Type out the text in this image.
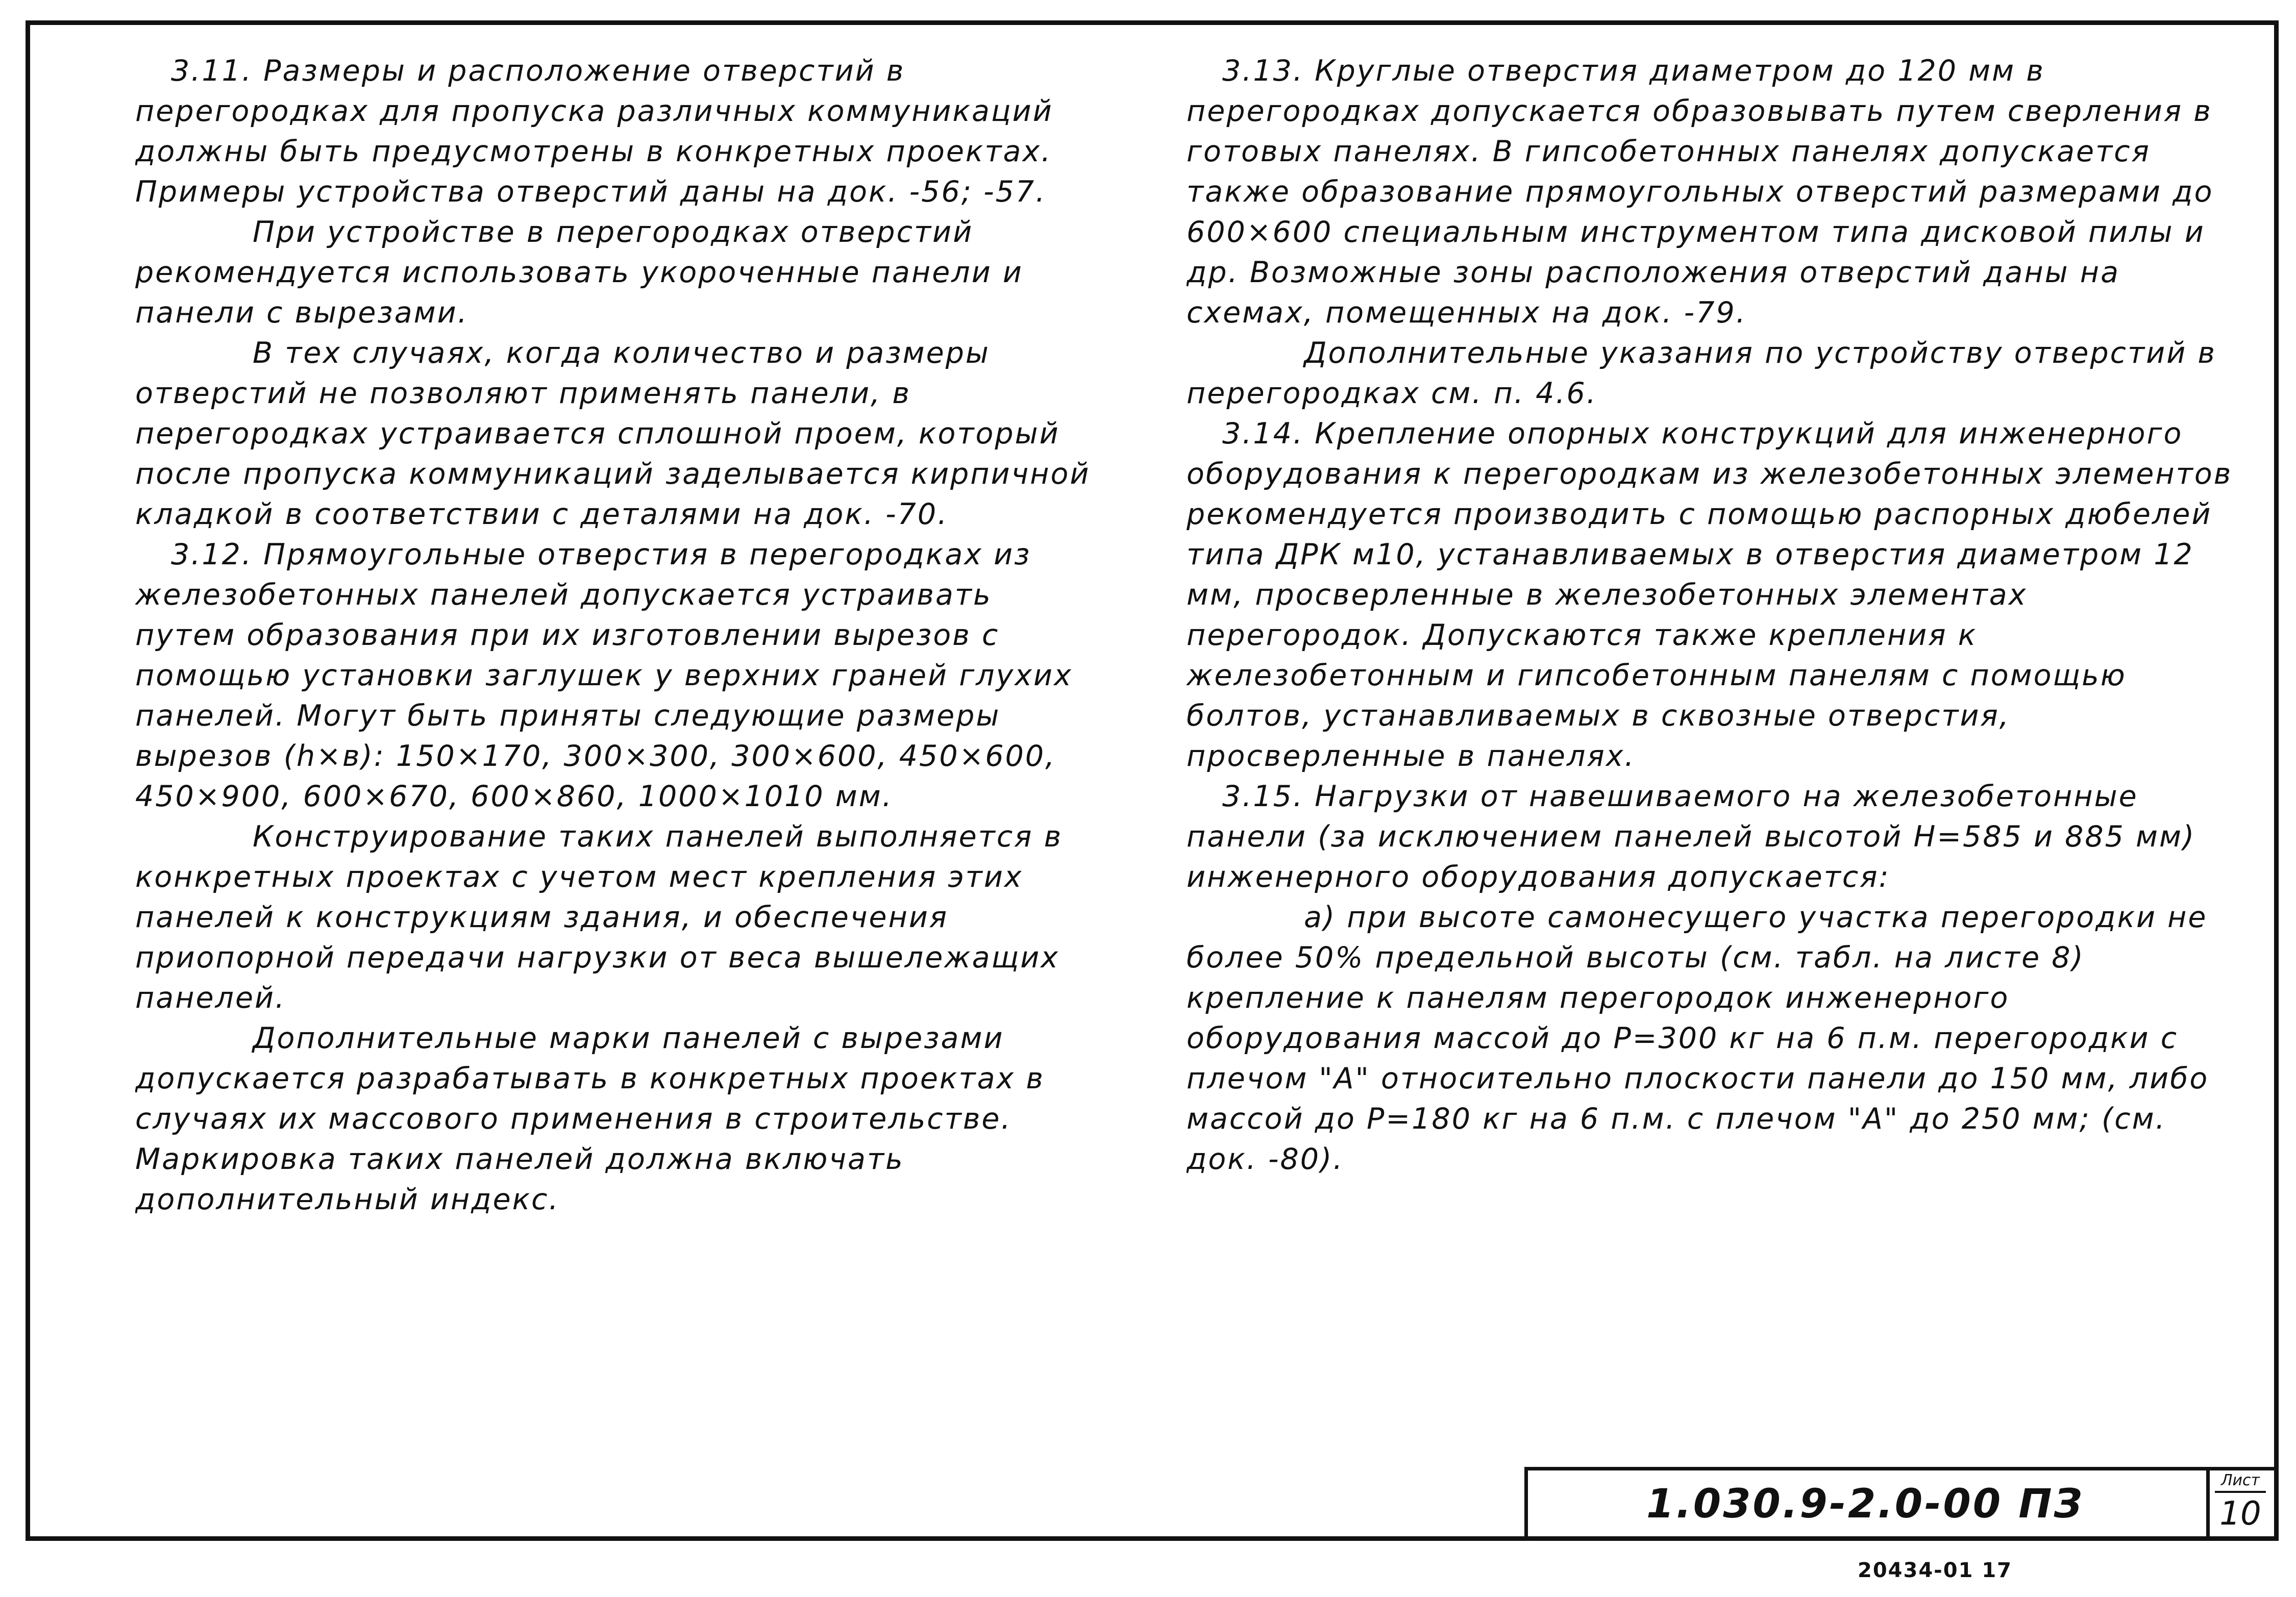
3.11. Размеры и расположение отверстий в перегородках для пропуска различных коммуникаций должны быть предусмотрены в конкретных проектах. Примеры устройства отверстий даны на док. -56; -57.

При устройстве в перегородках отверстий рекомендуется использовать укороченные панели и панели с вырезами.

В тех случаях, когда количество и размеры отверстий не позволяют применять панели, в перегородках устраивается сплошной проем, который после пропуска коммуникаций заделывается кирпичной кладкой в соответствии с деталями на док. -70.

3.12. Прямоугольные отверстия в перегородках из железобетонных панелей допускается устраивать путем образования при их изготовлении вырезов с помощью установки заглушек у верхних граней глухих панелей. Могут быть приняты следующие размеры вырезов (h×в): 150×170, 300×300, 300×600, 450×600, 450×900, 600×670, 600×860, 1000×1010 мм.

Конструирование таких панелей выполняется в конкретных проектах с учетом мест крепления этих панелей к конструкциям здания, и обеспечения приопорной передачи нагрузки от веса вышележащих панелей.

Дополнительные марки панелей с вырезами допускается разрабатывать в конкретных проектах в случаях их массового применения в строительстве. Маркировка таких панелей должна включать дополнительный индекс.

3.13. Круглые отверстия диаметром до 120 мм в перегородках допускается образовывать путем сверления в готовых панелях. В гипсобетонных панелях допускается также образование прямоугольных отверстий размерами до 600×600 специальным инструментом типа дисковой пилы и др. Возможные зоны расположения отверстий даны на схемах, помещенных на док. -79.

Дополнительные указания по устройству отверстий в перегородках см. п. 4.6.

3.14. Крепление опорных конструкций для инженерного оборудования к перегородкам из железобетонных элементов рекомендуется производить с помощью распорных дюбелей типа ДРК м10, устанавливаемых в отверстия диаметром 12 мм, просверленные в железобетонных элементах перегородок. Допускаются также крепления к железобетонным и гипсобетонным панелям с помощью болтов, устанавливаемых в сквозные отверстия, просверленные в панелях.

3.15. Нагрузки от навешиваемого на железобетонные панели (за исключением панелей высотой H=585 и 885 мм) инженерного оборудования допускается:

а) при высоте самонесущего участка перегородки не более 50% предельной высоты (см. табл. на листе 8) крепление к панелям перегородок инженерного оборудования массой до P=300 кг на 6 п.м. перегородки с плечом "A" относительно плоскости панели до 150 мм, либо массой до P=180 кг на 6 п.м. с плечом "A" до 250 мм; (см. док. -80).

1.030.9-2.0-00 ПЗ
Лист
10
20434-01 17
